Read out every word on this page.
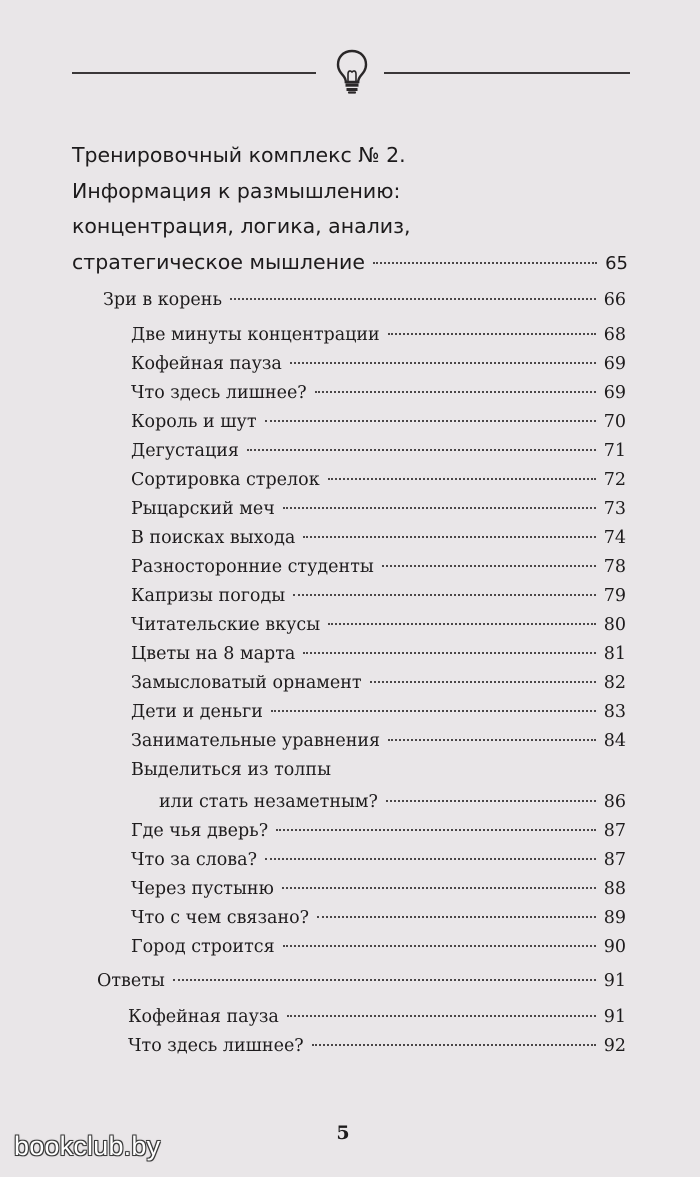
Тренировочный комплекс № 2.
Информация к размышлению:
концентрация, логика, анализ,
стратегическое мышление	65
Зри в корень	66
Две минуты концентрации	68
Кофейная пауза	69
Что здесь лишнее?	69
Король и шут	70
Дегустация	71
Сортировка стрелок	72
Рыцарский меч	73
В поисках выхода	74
Разносторонние студенты	78
Капризы погоды	79
Читательские вкусы	80
Цветы на 8 марта	81
Замысловатый орнамент	82
Дети и деньги	83
Занимательные уравнения	84
Выделиться из толпы
или стать незаметным?	86
Где чья дверь?	87
Что за слова?	87
Через пустыню	88
Что с чем связано?	89
Город строится	90
Ответы	91
Кофейная пауза	91
Что здесь лишнее?	92
5
bookclub.by
